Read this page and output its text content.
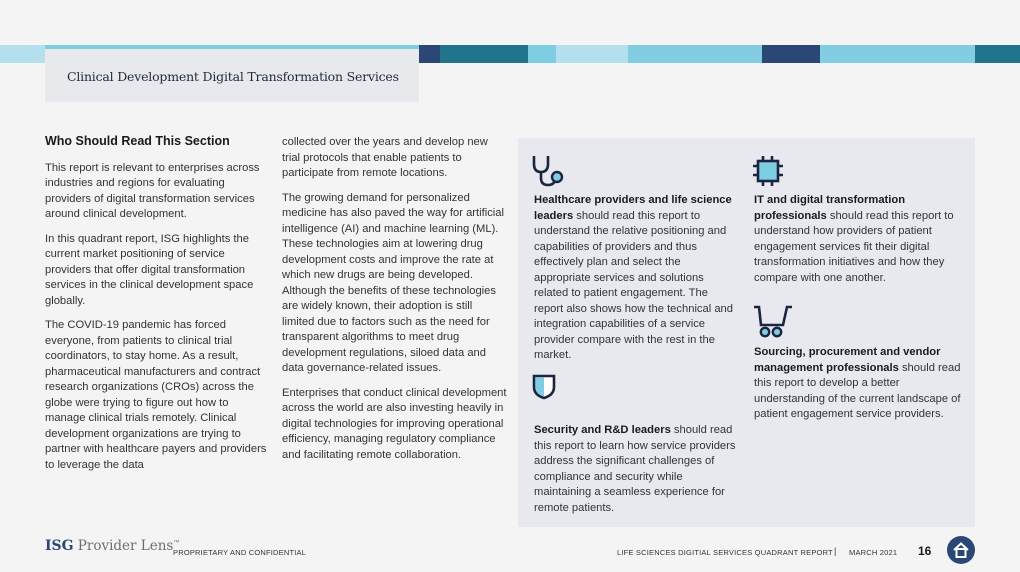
Clinical Development Digital Transformation Services
Who Should Read This Section

This report is relevant to enterprises across industries and regions for evaluating providers of digital transformation services around clinical development.

In this quadrant report, ISG highlights the current market positioning of service providers that offer digital transformation services in the clinical development space globally.

The COVID-19 pandemic has forced everyone, from patients to clinical trial coordinators, to stay home. As a result, pharmaceutical manufacturers and contract research organizations (CROs) across the globe were trying to figure out how to manage clinical trials remotely. Clinical development organizations are trying to partner with healthcare payers and providers to leverage the data

collected over the years and develop new trial protocols that enable patients to participate from remote locations.

The growing demand for personalized medicine has also paved the way for artificial intelligence (AI) and machine learning (ML). These technologies aim at lowering drug development costs and improve the rate at which new drugs are being developed. Although the benefits of these technologies are widely known, their adoption is still limited due to factors such as the need for transparent algorithms to meet drug development regulations, siloed data and data governance-related issues.

Enterprises that conduct clinical development across the world are also investing heavily in digital technologies for improving operational efficiency, managing regulatory compliance and facilitating remote collaboration.

Healthcare providers and life science leaders should read this report to understand the relative positioning and capabilities of providers and thus effectively plan and select the appropriate services and solutions related to patient engagement. The report also shows how the technical and integration capabilities of a service provider compare with the rest in the market.
IT and digital transformation professionals should read this report to understand how providers of patient engagement services fit their digital transformation initiatives and how they compare with one another.
Security and R&D leaders should read this report to learn how service providers address the significant challenges of compliance and security while maintaining a seamless experience for remote patients.
Sourcing, procurement and vendor management professionals should read this report to develop a better understanding of the current landscape of patient engagement service providers.
ISG Provider Lens™
PROPRIETARY AND CONFIDENTIAL	LIFE SCIENCES DIGITIAL SERVICES QUADRANT REPORT | MARCH 2021 16
